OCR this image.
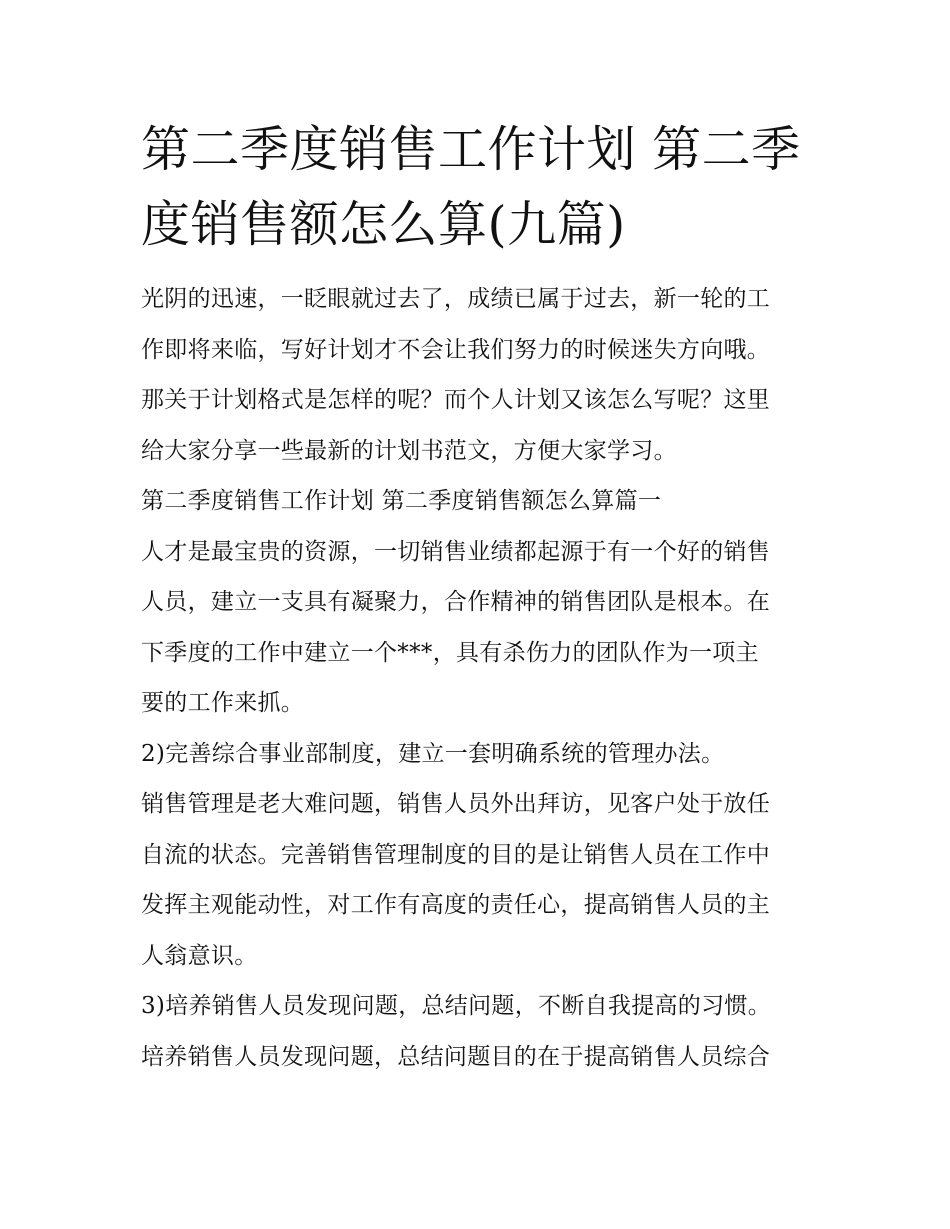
第二季度销售工作计划 第二季
度销售额怎么算(九篇)
光阴的迅速，一眨眼就过去了，成绩已属于过去，新一轮的工
作即将来临，写好计划才不会让我们努力的时候迷失方向哦。
那关于计划格式是怎样的呢？而个人计划又该怎么写呢？这里
给大家分享一些最新的计划书范文，方便大家学习。
第二季度销售工作计划 第二季度销售额怎么算篇一
人才是最宝贵的资源，一切销售业绩都起源于有一个好的销售
人员，建立一支具有凝聚力，合作精神的销售团队是根本。在
下季度的工作中建立一个***，具有杀伤力的团队作为一项主
要的工作来抓。
2)完善综合事业部制度，建立一套明确系统的管理办法。
销售管理是老大难问题，销售人员外出拜访，见客户处于放任
自流的状态。完善销售管理制度的目的是让销售人员在工作中
发挥主观能动性，对工作有高度的责任心，提高销售人员的主
人翁意识。
3)培养销售人员发现问题，总结问题，不断自我提高的习惯。
培养销售人员发现问题，总结问题目的在于提高销售人员综合
